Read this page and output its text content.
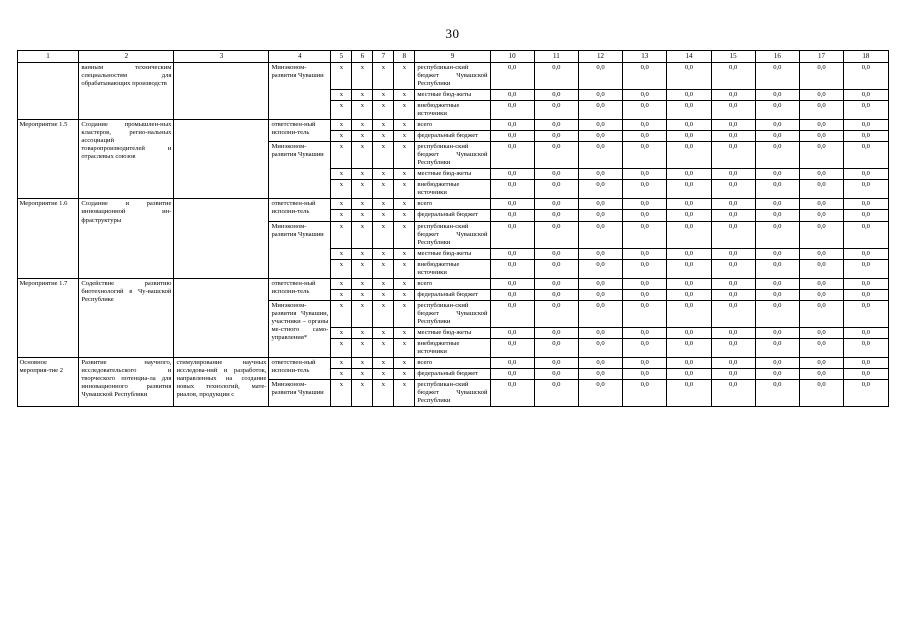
30
1	2	3	4	5	6	7	8	9	10	11	12	13	14	15	16	17	18
	ванным техническим специальностям для обрабатывающих производств		Минэконом-развития Чувашии	х	х	х	х	республикан-ский бюджет Чувашской Республики	0,0	0,0	0,0	0,0	0,0	0,0	0,0	0,0	0,0
				х	х	х	х	местные бюд-жеты	0,0	0,0	0,0	0,0	0,0	0,0	0,0	0,0	0,0
				х	х	х	х	внебюджетные источники	0,0	0,0	0,0	0,0	0,0	0,0	0,0	0,0	0,0
Мероприятие 1.5	Создание промышлен-ных кластеров, регио-нальных ассоциаций товаропроизводителей и отраслевых союзов		ответствен-ный исполни-тель	х	х	х	х	всего	0,0	0,0	0,0	0,0	0,0	0,0	0,0	0,0	0,0
				х	х	х	х	федеральный бюджет	0,0	0,0	0,0	0,0	0,0	0,0	0,0	0,0	0,0
			Минэконом-развития Чувашии	х	х	х	х	республикан-ский бюджет Чувашской Республики	0,0	0,0	0,0	0,0	0,0	0,0	0,0	0,0	0,0
				х	х	х	х	местные бюд-жеты	0,0	0,0	0,0	0,0	0,0	0,0	0,0	0,0	0,0
				х	х	х	х	внебюджетные источники	0,0	0,0	0,0	0,0	0,0	0,0	0,0	0,0	0,0
Мероприятие 1.6	Создание и развитие инновационной ин-фраструктуры		ответствен-ный исполни-тель	х	х	х	х	всего	0,0	0,0	0,0	0,0	0,0	0,0	0,0	0,0	0,0
				х	х	х	х	федеральный бюджет	0,0	0,0	0,0	0,0	0,0	0,0	0,0	0,0	0,0
			Минэконом-развития Чувашии	х	х	х	х	республикан-ский бюджет Чувашской Республики	0,0	0,0	0,0	0,0	0,0	0,0	0,0	0,0	0,0
				х	х	х	х	местные бюд-жеты	0,0	0,0	0,0	0,0	0,0	0,0	0,0	0,0	0,0
				х	х	х	х	внебюджетные источники	0,0	0,0	0,0	0,0	0,0	0,0	0,0	0,0	0,0
Мероприятие 1.7	Содействие развитию биотехнологий в Чу-вашской Республике		ответствен-ный исполни-тель	х	х	х	х	всего	0,0	0,0	0,0	0,0	0,0	0,0	0,0	0,0	0,0
				х	х	х	х	федеральный бюджет	0,0	0,0	0,0	0,0	0,0	0,0	0,0	0,0	0,0
			Минэконом-развития Чувашии, участники – органы ме-стного само-управления*	х	х	х	х	республикан-ский бюджет Чувашской Республики	0,0	0,0	0,0	0,0	0,0	0,0	0,0	0,0	0,0
				х	х	х	х	местные бюд-жеты	0,0	0,0	0,0	0,0	0,0	0,0	0,0	0,0	0,0
				х	х	х	х	внебюджетные источники	0,0	0,0	0,0	0,0	0,0	0,0	0,0	0,0	0,0
Основное мероприя-тие 2	Развитие научного, исследовательского и творческого потенциа-ла для инновационного развития Чувашской Республики	стимулирование научных исследова-ний и разработок, направленных на создание новых технологий, мате-риалов, продукции с	ответствен-ный исполни-тель	х	х	х	х	всего	0,0	0,0	0,0	0,0	0,0	0,0	0,0	0,0	0,0
				х	х	х	х	федеральный бюджет	0,0	0,0	0,0	0,0	0,0	0,0	0,0	0,0	0,0
			Минэконом-развития Чувашии	х	х	х	х	республикан-ский бюджет Чувашской Республики	0,0	0,0	0,0	0,0	0,0	0,0	0,0	0,0	0,0
